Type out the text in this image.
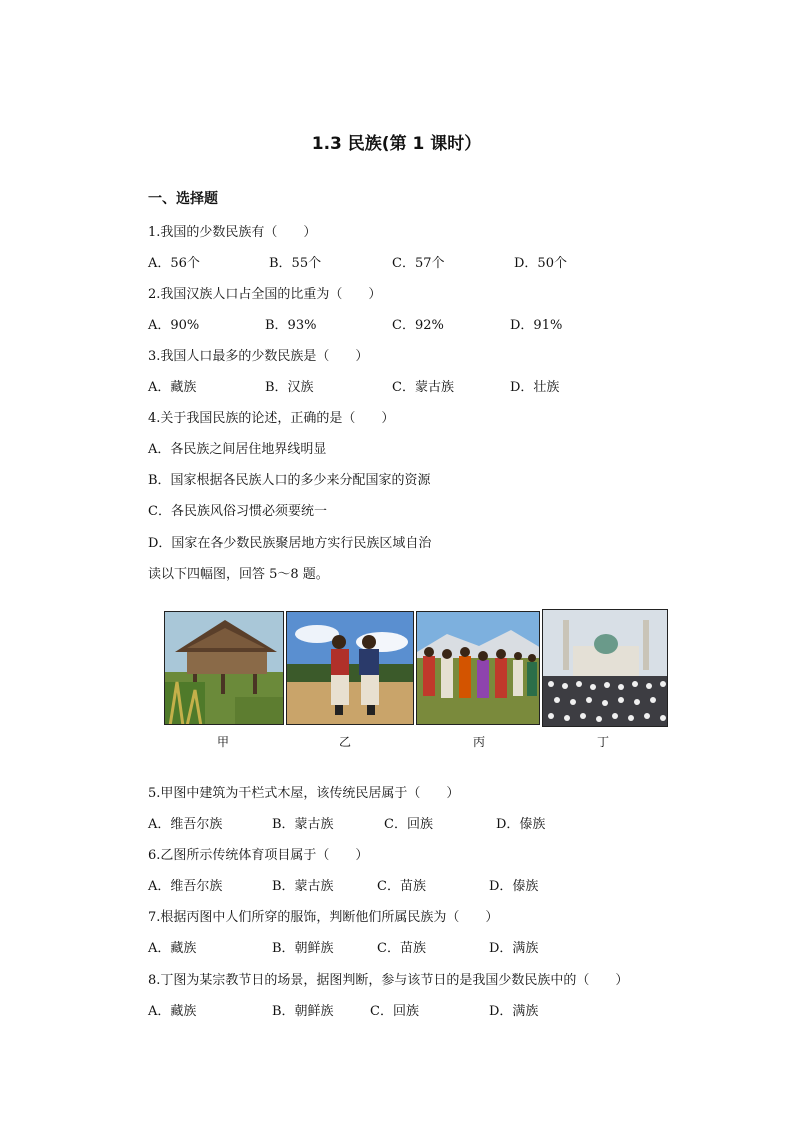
1.3 民族(第 1 课时）
一、选择题
1.我国的少数民族有（　　）
A．56个	B．55个	C．57个	D．50个
2.我国汉族人口占全国的比重为（　　）
A．90%	B．93%	C．92%	D．91%
3.我国人口最多的少数民族是（　　）
A．藏族	B．汉族	C．蒙古族	D．壮族
4.关于我国民族的论述，正确的是（　　）
A．各民族之间居住地界线明显
B．国家根据各民族人口的多少来分配国家的资源
C．各民族风俗习惯必须要统一
D．国家在各少数民族聚居地方实行民族区域自治
读以下四幅图，回答 5～8 题。
甲	乙	丙	丁
5.甲图中建筑为干栏式木屋，该传统民居属于（　　）
A．维吾尔族	B．蒙古族	C．回族	D．傣族
6.乙图所示传统体育项目属于（　　）
A．维吾尔族	B．蒙古族	C．苗族	D．傣族
7.根据丙图中人们所穿的服饰，判断他们所属民族为（　　）
A．藏族	B．朝鲜族	C．苗族	D．满族
8.丁图为某宗教节日的场景，据图判断，参与该节日的是我国少数民族中的（　　）
A．藏族	B．朝鲜族	C．回族	D．满族
